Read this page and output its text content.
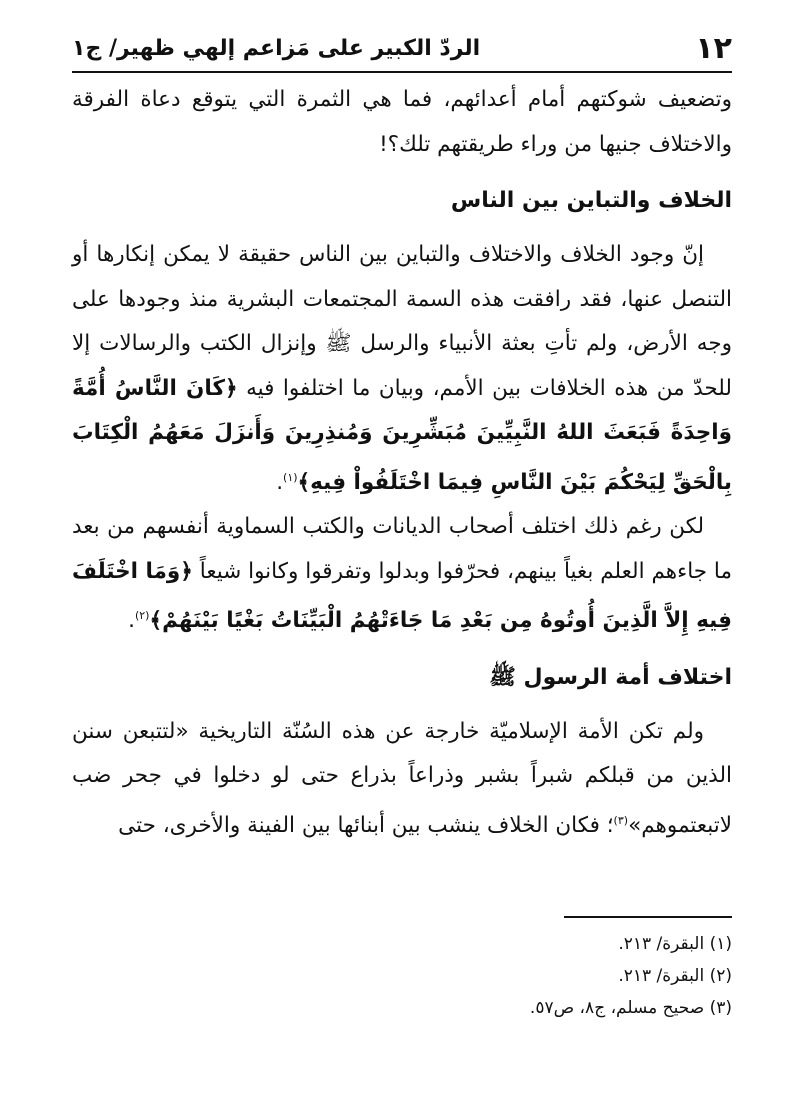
١٢
الردّ الكبير على مَزاعم إلهي ظهير/ ج١

وتضعيف شوكتهم أمام أعدائهم، فما هي الثمرة التي يتوقع دعاة الفرقة والاختلاف جنيها من وراء طريقتهم تلك؟!

الخلاف والتباين بين الناس

إنّ وجود الخلاف والاختلاف والتباين بين الناس حقيقة لا يمكن إنكارها أو التنصل عنها، فقد رافقت هذه السمة المجتمعات البشرية منذ وجودها على وجه الأرض، ولم تأتِ بعثة الأنبياء والرسل ﷺ وإنزال الكتب والرسالات إلا للحدّ من هذه الخلافات بين الأمم، وبيان ما اختلفوا فيه ﴿كَانَ النَّاسُ أُمَّةً وَاحِدَةً فَبَعَثَ اللهُ النَّبِيِّينَ مُبَشِّرِينَ وَمُنذِرِينَ وَأَنزَلَ مَعَهُمُ الْكِتَابَ بِالْحَقِّ لِيَحْكُمَ بَيْنَ النَّاسِ فِيمَا اخْتَلَفُواْ فِيهِ﴾$^{(١)}$.

لكن رغم ذلك اختلف أصحاب الديانات والكتب السماوية أنفسهم من بعد ما جاءهم العلم بغياً بينهم، فحرّفوا وبدلوا وتفرقوا وكانوا شيعاً ﴿وَمَا اخْتَلَفَ فِيهِ إِلاَّ الَّذِينَ أُوتُوهُ مِن بَعْدِ مَا جَاءَتْهُمُ الْبَيِّنَاتُ بَغْيًا بَيْنَهُمْ﴾$^{(٢)}$.

اختلاف أمة الرسول ﷺ

ولم تكن الأمة الإسلاميّة خارجة عن هذه السُنّة التاريخية «لتتبعن سنن الذين من قبلكم شبراً بشبر وذراعاً بذراع حتى لو دخلوا في جحر ضب لاتبعتموهم»$^{(٣)}$؛ فكان الخلاف ينشب بين أبنائها بين الفينة والأخرى، حتى

(١) البقرة/ ٢١٣.
(٢) البقرة/ ٢١٣.
(٣) صحيح مسلم، ج٨، ص٥٧.
